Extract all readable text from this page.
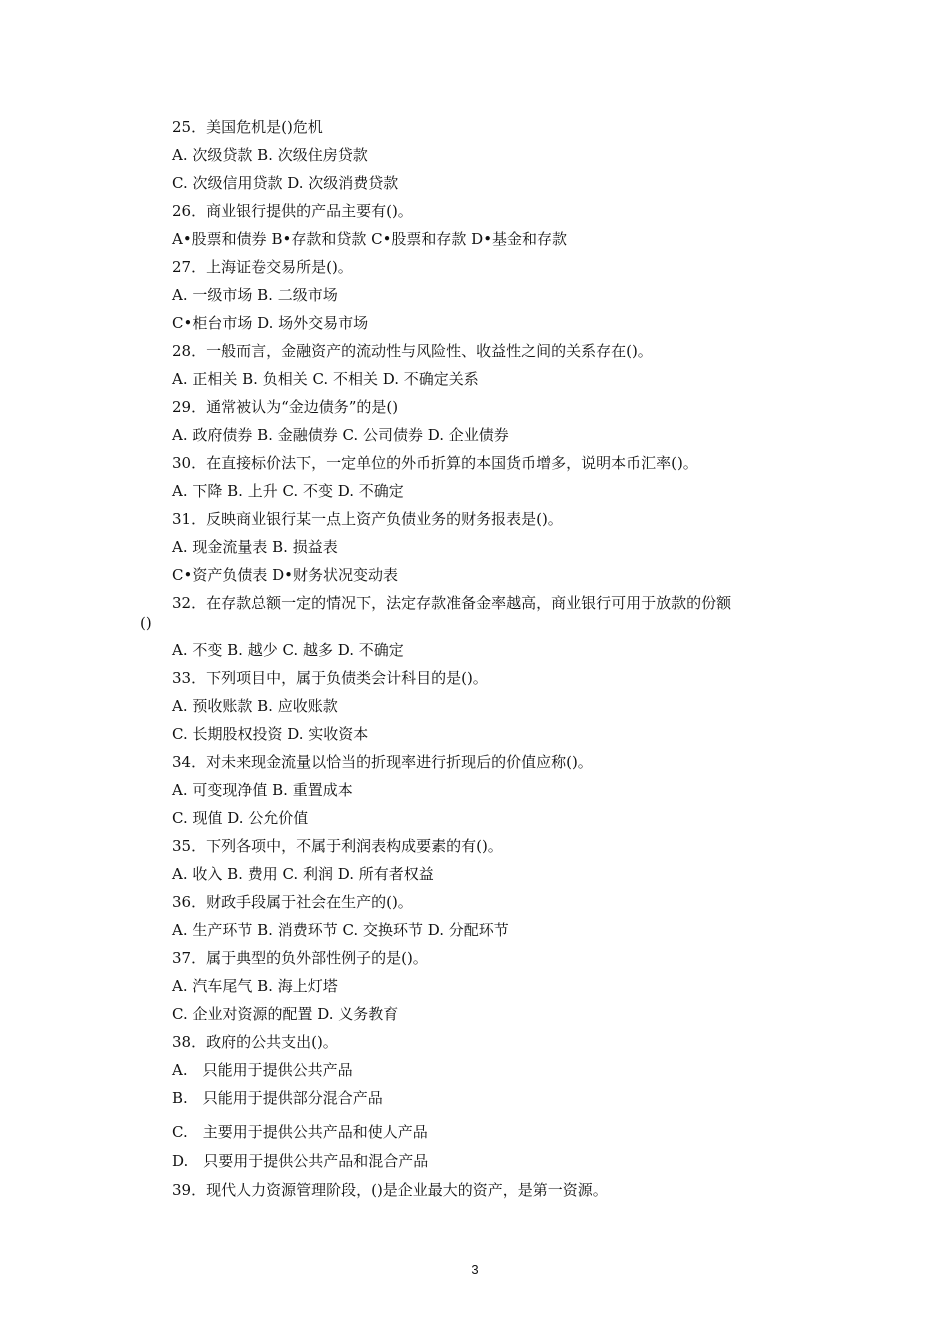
25．美国危机是()危机
A. 次级贷款 B. 次级住房贷款
C. 次级信用贷款 D. 次级消费贷款
26．商业银行提供的产品主要有()。
A•股票和债券 B•存款和贷款 C•股票和存款 D•基金和存款
27．上海证卷交易所是()。
A. 一级市场 B. 二级市场
C•柜台市场 D. 场外交易市场
28．一般而言，金融资产的流动性与风险性、收益性之间的关系存在()。
A. 正相关 B. 负相关 C. 不相关 D. 不确定关系
29．通常被认为“金边债务”的是()
A. 政府债券 B. 金融债券 C. 公司债券 D. 企业债券
30．在直接标价法下，一定单位的外币折算的本国货币增多，说明本币汇率()。
A. 下降 B. 上升 C. 不变 D. 不确定
31．反映商业银行某一点上资产负债业务的财务报表是()。
A. 现金流量表 B. 损益表
C•资产负债表 D•财务状况变动表
32．在存款总额一定的情况下，法定存款准备金率越高，商业银行可用于放款的份额
()
A. 不变 B. 越少 C. 越多 D. 不确定
33．下列项目中，属于负债类会计科目的是()。
A. 预收账款 B. 应收账款
C. 长期股权投资 D. 实收资本
34．对未来现金流量以恰当的折现率进行折现后的价值应称()。
A. 可变现净值 B. 重置成本
C. 现值 D. 公允价值
35．下列各项中，不属于利润表构成要素的有()。
A. 收入 B. 费用 C. 利润 D. 所有者权益
36．财政手段属于社会在生产的()。
A. 生产环节 B. 消费环节 C. 交换环节 D. 分配环节
37．属于典型的负外部性例子的是()。
A. 汽车尾气 B. 海上灯塔
C. 企业对资源的配置 D. 义务教育
38．政府的公共支出()。
A.　只能用于提供公共产品
B.　只能用于提供部分混合产品
C.　主要用于提供公共产品和使人产品
D.　只要用于提供公共产品和混合产品
39．现代人力资源管理阶段，()是企业最大的资产，是第一资源。
3
